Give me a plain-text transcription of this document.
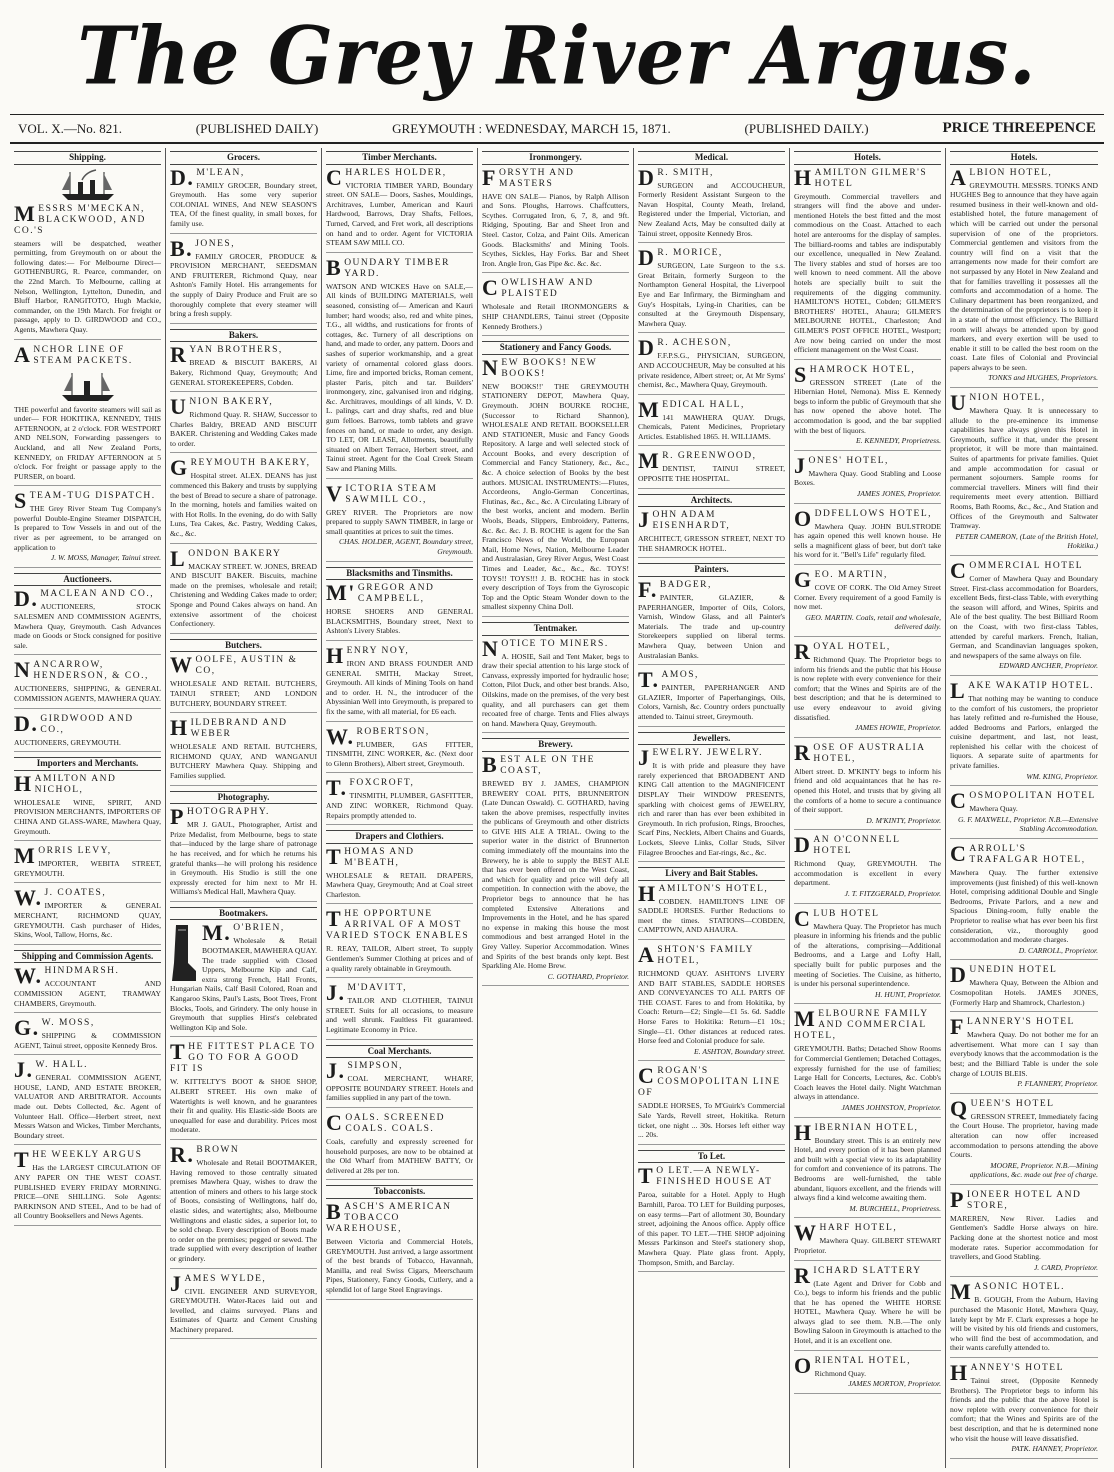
The Grey River Argus.
VOL. X.—No. 821.	(PUBLISHED DAILY)	GREYMOUTH : WEDNESDAY, MARCH 15, 1871.	(PUBLISHED DAILY.)	PRICE THREEPENCE
Shipping.
MESSRS M'MECKAN, BLACKWOOD, AND CO.'S
steamers will be despatched, weather permitting, from Greymouth on or about the following dates:— For Melbourne Direct— GOTHENBURG, R. Pearce, commander, on the 22nd March. To Melbourne, calling at Nelson, Wellington, Lyttelton, Dunedin, and Bluff Harbor, RANGITOTO, Hugh Mackie, commander, on the 19th March. For freight or passage, apply to D. GIRDWOOD and CO., Agents, Mawhera Quay.
ANCHOR LINE OF STEAM PACKETS.
THE powerful and favorite steamers will sail as under— FOR HOKITIKA, KENNEDY, THIS AFTERNOON, at 2 o'clock. FOR WESTPORT AND NELSON, Forwarding passengers to Auckland, and all New Zealand Ports, KENNEDY, on FRIDAY AFTERNOON at 5 o'clock. For freight or passage apply to the PURSER, on board.
STEAM-TUG DISPATCH.
THE Grey River Steam Tug Company's powerful Double-Engine Steamer DISPATCH, Is prepared to Tow Vessels in and out of the river as per agreement, to be arranged on application to
J. W. MOSS, Manager, Tainui street.
Auctioneers.
D.MACLEAN AND CO.,
AUCTIONEERS, STOCK SALESMEN AND COMMISSION AGENTS, Mawhera Quay, Greymouth. Cash Advances made on Goods or Stock consigned for positive sale.
NANCARROW, HENDERSON, & CO.,
AUCTIONEERS, SHIPPING, & GENERAL COMMISSION AGENTS, MAWHERA QUAY.
D.GIRDWOOD AND CO.,
AUCTIONEERS, GREYMOUTH.
Importers and Merchants.
HAMILTON AND NICHOL,
WHOLESALE WINE, SPIRIT, AND PROVISION MERCHANTS, IMPORTERS OF CHINA AND GLASS-WARE, Mawhera Quay, Greymouth.
MORRIS LEVY,
IMPORTER, WEBITA STREET, GREYMOUTH.
W.J. COATES,
IMPORTER & GENERAL MERCHANT, RICHMOND QUAY, GREYMOUTH. Cash purchaser of Hides, Skins, Wool, Tallow, Horns, &c.
Shipping and Commission Agents.
W.HINDMARSH.
ACCOUNTANT AND COMMISSION AGENT, TRAMWAY CHAMBERS, Greymouth.
G.W. MOSS,
SHIPPING & COMMISSION AGENT, Tainui street, opposite Kennedy Bros.
J.W. HALL.
GENERAL COMMISSION AGENT, HOUSE, LAND, AND ESTATE BROKER, VALUATOR AND ARBITRATOR. Accounts made out. Debts Collected, &c. Agent of Volunteer Hall. Office—Herbert street, next Messrs Watson and Wickes, Timber Merchants, Boundary street.
THE WEEKLY ARGUS
Has the LARGEST CIRCULATION OF ANY PAPER ON THE WEST COAST. PUBLISHED EVERY FRIDAY MORNING. PRICE—ONE SHILLING. Sole Agents: PARKINSON AND STEEL, And to be had of all Country Booksellers and News Agents.
Grocers.
D.M'LEAN,
FAMILY GROCER, Boundary street, Greymouth. Has some very superior COLONIAL WINES, And NEW SEASON'S TEA, Of the finest quality, in small boxes, for family use.
B.JONES,
FAMILY GROCER, PRODUCE & PROVISION MERCHANT, SEEDSMAN AND FRUITERER, Richmond Quay, near Ashton's Family Hotel. His arrangements for the supply of Dairy Produce and Fruit are so thoroughly complete that every steamer will bring a fresh supply.
Bakers.
RYAN BROTHERS,
BREAD & BISCUIT BAKERS, Al Bakery, Richmond Quay, Greymouth; And GENERAL STOREKEEPERS, Cobden.
UNION BAKERY,
Richmond Quay. R. SHAW, Successor to Charles Baldry, BREAD AND BISCUIT BAKER. Christening and Wedding Cakes made to order.
GREYMOUTH BAKERY,
Hospital street. ALEX. DEANS has just commenced this Bakery and trusts by supplying the best of Bread to secure a share of patronage. In the morning, hotels and families waited on with Hot Rolls. In the evening, do do with Sally Luns, Tea Cakes, &c. Pastry, Wedding Cakes, &c., &c.
LONDON BAKERY
MACKAY STREET. W. JONES, BREAD AND BISCUIT BAKER. Biscuits, machine made on the premises, wholesale and retail; Christening and Wedding Cakes made to order; Sponge and Pound Cakes always on hand. An extensive assortment of the choicest Confectionery.
Butchers.
WOOLFE, AUSTIN & CO,
WHOLESALE AND RETAIL BUTCHERS, TAINUI STREET; AND LONDON BUTCHERY, BOUNDARY STREET.
HILDEBRAND AND WEBER
WHOLESALE AND RETAIL BUTCHERS, RICHMOND QUAY, AND WANGANUI BUTCHERY Mawhera Quay. Shipping and Families supplied.
Photography.
PHOTOGRAPHY.
MR J. GAUL, Photographer, Artist and Prize Medalist, from Melbourne, begs to state that—induced by the large share of patronage he has received, and for which he returns his grateful thanks—he will prolong his residence in Greymouth. His Studio is still the one expressly erected for him next to Mr H. Williams's Medical Hall, Mawhera Quay.
Bootmakers.
M.O'BRIEN,
Wholesale & Retail BOOTMAKER, MAWHERA QUAY. The trade supplied with Closed Uppers, Melbourne Kip and Calf, extra strong French, Hall Fronts, Hungarian Nails, Calf Basil Colored, Roan and Kangaroo Skins, Paul's Lasts, Boot Trees, Front Blocks, Tools, and Grindery. The only house in Greymouth that supplies Hirst's celebrated Wellington Kip and Sole.
THE FITTEST PLACE TO GO TO FOR A GOOD FIT IS
W. KITTELTY'S BOOT & SHOE SHOP, ALBERT STREET. His own make of Watertights is well known, and he guarantees their fit and quality. His Elastic-side Boots are unequalled for ease and durability. Prices most moderate.
R.BROWN
Wholesale and Retail BOOTMAKER, Having removed to those centrally situated premises Mawhera Quay, wishes to draw the attention of miners and others to his large stock of Boots, consisting of Wellingtons, half do, elastic sides, and watertights; also, Melbourne Wellingtons and elastic sides, a superior lot, to be sold cheap. Every description of Boots made to order on the premises; pegged or sewed. The trade supplied with every description of leather or grindery.
JAMES WYLDE,
CIVIL ENGINEER AND SURVEYOR, GREYMOUTH. Water-Races laid out and levelled, and claims surveyed. Plans and Estimates of Quartz and Cement Crushing Machinery prepared.
Timber Merchants.
CHARLES HOLDER,
VICTORIA TIMBER YARD, Boundary street. ON SALE— Doors, Sashes, Mouldings, Architraves, Lumber, American and Kauri Hardwood, Barrows, Dray Shafts, Felloes, Turned, Carved, and Fret work, all descriptions on hand and to order. Agent for VICTORIA STEAM SAW MILL CO.
BOUNDARY TIMBER YARD.
WATSON AND WICKES Have on SALE,— All kinds of BUILDING MATERIALS, well seasoned, consisting of— American and Kauri lumber; hard woods; also, red and white pines, T.G., all widths, and rustications for fronts of cottages, &c. Turnery of all descriptions on hand, and made to order, any pattern. Doors and sashes of superior workmanship, and a great variety of ornamental colored glass doors. Lime, fire and imported bricks, Roman cement, plaster Paris, pitch and tar. Builders' ironmongery, zinc, galvanised iron and ridging, &c. Architraves, mouldings of all kinds, V. D. L. palings, cart and dray shafts, red and blue gum felloes. Barrows, tomb tablets and grave fences on hand, or made to order, any design. TO LET, OR LEASE, Allotments, beautifully situated on Albert Terrace, Herbert street, and Tainui street. Agent for the Coal Creek Steam Saw and Planing Mills.
VICTORIA STEAM SAWMILL CO.,
GREY RIVER. The Proprietors are now prepared to supply SAWN TIMBER, in large or small quantities at prices to suit the times.
CHAS. HOLDER, AGENT, Boundary street, Greymouth.
Blacksmiths and Tinsmiths.
M'GREGOR AND CAMPBELL,
HORSE SHOERS AND GENERAL BLACKSMITHS, Boundary street, Next to Ashton's Livery Stables.
HENRY NOY,
IRON AND BRASS FOUNDER AND GENERAL SMITH, Mackay Street, Greymouth. All kinds of Mining Tools on hand and to order. H. N., the introducer of the Abyssinian Well into Greymouth, is prepared to fix the same, with all material, for £6 each.
W.ROBERTSON,
PLUMBER, GAS FITTER, TINSMITH, ZINC WORKER, &c. (Next door to Glenn Brothers), Albert street, Greymouth.
T.FOXCROFT,
TINSMITH, PLUMBER, GASFITTER, AND ZINC WORKER, Richmond Quay. Repairs promptly attended to.
Drapers and Clothiers.
THOMAS AND M'BEATH,
WHOLESALE & RETAIL DRAPERS, Mawhera Quay, Greymouth; And at Coal street Charleston.
THE OPPORTUNE ARRIVAL OF A MOST VARIED STOCK ENABLES
R. REAY, TAILOR, Albert street, To supply Gentlemen's Summer Clothing at prices and of a quality rarely obtainable in Greymouth.
J.M'DAVITT,
TAILOR AND CLOTHIER, TAINUI STREET. Suits for all occasions, to measure and well shrunk. Faultless Fit guaranteed. Legitimate Economy in Price.
Coal Merchants.
J.SIMPSON,
COAL MERCHANT, WHARF, OPPOSITE BOUNDARY STREET. Hotels and families supplied in any part of the town.
COALS. SCREENED COALS. COALS.
Coals, carefully and expressly screened for household purposes, are now to be obtained at the Old Wharf from MATHEW BATTY, Or delivered at 28s per ton.
Tobacconists.
BASCH'S AMERICAN TOBACCO WAREHOUSE,
Between Victoria and Commercial Hotels, GREYMOUTH. Just arrived, a large assortment of the best brands of Tobacco, Havannah, Manilla, and real Swiss Cigars, Meerschaum Pipes, Stationery, Fancy Goods, Cutlery, and a splendid lot of large Steel Engravings.
Ironmongery.
FORSYTH AND MASTERS
HAVE ON SALE— Pianos, by Ralph Allison and Sons. Ploughs, Harrows. Chaffcutters, Scythes. Corrugated Iron, 6, 7, 8, and 9ft. Ridging, Spouting. Bar and Sheet Iron and Steel. Castor, Colza, and Paint Oils. American Goods. Blacksmiths' and Mining Tools. Scythes, Sickles, Hay Forks. Bar and Sheet Iron. Angle Iron, Gas Pipe &c. &c. &c.
COWLISHAW AND PLAISTED
Wholesale and Retail IRONMONGERS & SHIP CHANDLERS, Tainui street (Opposite Kennedy Brothers.)
Stationery and Fancy Goods.
NEW BOOKS! NEW BOOKS!
NEW BOOKS!!' THE GREYMOUTH STATIONERY DEPOT, Mawhera Quay, Greymouth. JOHN BOURKE ROCHE, (Successor to Richard Shannon), WHOLESALE AND RETAIL BOOKSELLER AND STATIONER, Music and Fancy Goods Repository. A large and well selected stock of Account Books, and every description of Commercial and Fancy Stationery, &c., &c., &c. A choice selection of Books by the best authors. MUSICAL INSTRUMENTS:—Flutes, Accordeons, Anglo-German Concertinas, Flutinas, &c., &c., &c. A Circulating Library of the best works, ancient and modern. Berlin Wools, Beads, Slippers, Embroidery, Patterns, &c. &c. &c. J. B. ROCHE is agent for the San Francisco News of the World, the European Mail, Home News, Nation, Melbourne Leader and Australasian, Grey River Argus, West Coast Times and Leader, &c., &c., &c. TOYS! TOYS!! TOYS!!! J. B. ROCHE has in stock every description of Toys from the Gyroscopic Top and the Optic Steam Wonder down to the smallest sixpenny China Doll.
Tentmaker.
NOTICE TO MINERS.
A. HOSIE, Sail and Tent Maker, begs to draw their special attention to his large stock of Canvass, expressly imported for hydraulic hose; Cotton, Pilot Duck, and other best brands. Also, Oilskins, made on the premises, of the very best quality, and all purchasers can get them recoated free of charge. Tents and Flies always on hand. Mawhera Quay, Greymouth.
Brewery.
BEST ALE ON THE COAST,
BREWED BY J. JAMES, CHAMPION BREWERY COAL PITS, BRUNNERTON (Late Duncan Oswald). C. GOTHARD, having taken the above premises, respectfully invites the publicans of Greymouth and other districts to GIVE HIS ALE A TRIAL. Owing to the superior water in the district of Brunnerton coming immediately off the mountains into the Brewery, he is able to supply the BEST ALE that has ever been offered on the West Coast, and which for quality and price will defy all competition. In connection with the above, the Proprietor begs to announce that he has completed Extensive Alterations and Improvements in the Hotel, and he has spared no expense in making this house the most commodious and best arranged Hotel in the Grey Valley. Superior Accommodation. Wines and Spirits of the best brands only kept. Best Sparkling Ale. Home Brew.
C. GOTHARD, Proprietor.
Medical.
DR. SMITH,
SURGEON and ACCOUCHEUR, Formerly Resident Assistant Surgeon to the Navan Hospital, County Meath, Ireland, Registered under the Imperial, Victorian, and New Zealand Acts, May be consulted daily at Tainui street, opposite Kennedy Bros.
DR. MORICE,
SURGEON, Late Surgeon to the s.s. Great Britain, formerly Surgeon to the Northampton General Hospital, the Liverpool Eye and Ear Infirmary, the Birmingham and Guy's Hospitals, Lying-in Charities, can be consulted at the Greymouth Dispensary, Mawhera Quay.
DR. ACHESON,
F.F.P.S.G., PHYSICIAN, SURGEON, AND ACCOUCHEUR, May be consulted at his private residence, Albert street; or, At Mr Syms' chemist, &c., Mawhera Quay, Greymouth.
MEDICAL HALL,
141 MAWHERA QUAY. Drugs, Chemicals, Patent Medicines, Proprietary Articles. Established 1865. H. WILLIAMS.
MR. GREENWOOD,
DENTIST, TAINUI STREET, OPPOSITE THE HOSPITAL.
Architects.
JOHN ADAM EISENHARDT,
ARCHITECT, GRESSON STREET, NEXT TO THE SHAMROCK HOTEL.
Painters.
F.BADGER,
PAINTER, GLAZIER, & PAPERHANGER, Importer of Oils, Colors, Varnish, Window Glass, and all Painter's Materials. The trade and up-country Storekeepers supplied on liberal terms. Mawhera Quay, between Union and Australasian Banks.
T.AMOS,
PAINTER, PAPERHANGER AND GLAZIER, Importer of Paperhangings, Oils, Colors, Varnish, &c. Country orders punctually attended to. Tainui street, Greymouth.
Jewellers.
JEWELRY. JEWELRY.
It is with pride and pleasure they have rarely experienced that BROADBENT AND KING Call attention to the MAGNIFICENT DISPLAY Their WINDOW PRESENTS, sparkling with choicest gems of JEWELRY, rich and rarer than has ever been exhibited in Greymouth. In rich profusion, Rings, Brooches, Scarf Pins, Necklets, Albert Chains and Guards, Lockets, Sleeve Links, Collar Studs, Silver Filagree Brooches and Ear-rings, &c., &c.
Livery and Bait Stables.
HAMILTON'S HOTEL,
COBDEN. HAMILTON'S LINE OF SADDLE HORSES. Further Reductions to meet the times. STATIONS—COBDEN, CAMPTOWN, AND AHAURA.
ASHTON'S FAMILY HOTEL,
RICHMOND QUAY. ASHTON'S LIVERY AND BAIT STABLES, SADDLE HORSES AND CONVEYANCES TO ALL PARTS OF THE COAST. Fares to and from Hokitika, by Coach: Return—£2; Single—£1 5s. 6d. Saddle Horse Fares to Hokitika: Return—£1 10s.; Single—£1. Other distances at reduced rates. Horse feed and Colonial produce for sale.
E. ASHTON, Boundary street.
CROGAN'S COSMOPOLITAN LINE OF
SADDLE HORSES, To M'Guirk's Commercial Sale Yards, Revell street, Hokitika. Return ticket, one night ... 30s. Horses left either way ... 20s.
To Let.
TO LET.—A NEWLY-FINISHED HOUSE AT
Paroa, suitable for a Hotel. Apply to Hugh Barnhill, Paroa. TO LET for Building purposes, on easy terms—Part of allotment 30, Boundary street, adjoining the Anoos office. Apply office of this paper. TO LET.—THE SHOP adjoining Messrs Parkinson and Steel's stationery shop, Mawhera Quay. Plate glass front. Apply, Thompson, Smith, and Barclay.
Hotels.
HAMILTON GILMER'S HOTEL
Greymouth. Commercial travellers and strangers will find the above and under-mentioned Hotels the best fitted and the most commodious on the Coast. Attached to each hotel are anterooms for the display of samples. The billiard-rooms and tables are indisputably our excellence, unequalled in New Zealand. The livery stables and stud of horses are too well known to need comment. All the above hotels are specially built to suit the requirements of the digging community. HAMILTON'S HOTEL, Cobden; GILMER'S BROTHERS' HOTEL, Ahaura; GILMER'S MELBOURNE HOTEL, Charleston; And GILMER'S POST OFFICE HOTEL, Westport; Are now being carried on under the most efficient management on the West Coast.
SHAMROCK HOTEL,
GRESSON STREET (Late of the Hibernian Hotel, Nemona). Miss E. Kennedy begs to inform the public of Greymouth that she has now opened the above hotel. The accommodation is good, and the bar supplied with the best of liquors.
E. KENNEDY, Proprietress.
JONES' HOTEL,
Mawhera Quay. Good Stabling and Loose Boxes.
JAMES JONES, Proprietor.
ODDFELLOWS HOTEL,
Mawhera Quay. JOHN BULSTRODE has again opened this well known house. He sells a magnificent glass of beer, but don't take his word for it. "Bell's Life" regularly filed.
GEO. MARTIN,
COVE OF CORK. The Old Arney Street Corner. Every requirement of a good Family is now met.
GEO. MARTIN. Coals, retail and wholesale, delivered daily.
ROYAL HOTEL,
Richmond Quay. The Proprietor begs to inform his friends and the public that his House is now replete with every convenience for their comfort; that the Wines and Spirits are of the best description; and that he is determined to use every endeavour to avoid giving dissatisfied.
JAMES HOWIE, Proprietor.
ROSE OF AUSTRALIA HOTEL,
Albert street. D. M'KINTY begs to inform his friend and old acquaintances that he has re-opened this Hotel, and trusts that by giving all the comforts of a home to secure a continuance of their support.
D. M'KINTY, Proprietor.
DAN O'CONNELL HOTEL
Richmond Quay, GREYMOUTH. The accommodation is excellent in every department.
J. T. FITZGERALD, Proprietor.
CLUB HOTEL
Mawhera Quay. The Proprietor has much pleasure in informing his friends and the public of the alterations, comprising—Additional Bedrooms, and a Large and Lofty Hall, specially built for public purposes and the meeting of Societies. The Cuisine, as hitherto, is under his personal superintendence.
H. HUNT, Proprietor.
MELBOURNE FAMILY AND COMMERCIAL HOTEL,
GREYMOUTH. Baths; Detached Show Rooms for Commercial Gentlemen; Detached Cottages, expressly furnished for the use of families; Large Hall for Concerts, Lectures, &c. Cobb's Coach leaves the Hotel daily. Night Watchman always in attendance.
JAMES JOHNSTON, Proprietor.
HIBERNIAN HOTEL,
Boundary street. This is an entirely new Hotel, and every portion of it has been planned and built with a special view to its adaptability for comfort and convenience of its patrons. The Bedrooms are well-furnished, the table abundant, liquors excellent, and the friends will always find a kind welcome awaiting them.
M. BURCHELL, Proprietress.
WHARF HOTEL,
Mawhera Quay. GILBERT STEWART Proprietor.
RICHARD SLATTERY
(Late Agent and Driver for Cobb and Co.), begs to inform his friends and the public that he has opened the WHITE HORSE HOTEL, Mawhera Quay. Where he will be always glad to see them. N.B.—The only Bowling Saloon in Greymouth is attached to the Hotel, and it is an excellent one.
ORIENTAL HOTEL,
Richmond Quay.
JAMES MORTON, Proprietor.
Hotels.
ALBION HOTEL,
GREYMOUTH. MESSRS. TONKS AND HUGHES Beg to announce that they have again resumed business in their well-known and old-established hotel, the future management of which will be carried out under the personal supervision of one of the proprietors. Commercial gentlemen and visitors from the country will find on a visit that the arrangements now made for their comfort are not surpassed by any Hotel in New Zealand and that for families travelling it possesses all the comforts and accommodation of a home. The Culinary department has been reorganized, and the determination of the proprietors is to keep it in a state of the utmost efficiency. The Billiard room will always be attended upon by good markers, and every exertion will be used to enable it still to be called the best room on the coast. Late files of Colonial and Provincial papers always to be seen.
TONKS and HUGHES, Proprietors.
UNION HOTEL,
Mawhera Quay. It is unnecessary to allude to the pre-eminence its immense capabilities have always given this Hotel in Greymouth, suffice it that, under the present proprietor, it will be more than maintained. Suites of apartments for private families. Quiet and ample accommodation for casual or permanent sojourners. Sample rooms for commercial travellers. Miners will find their requirements meet every attention. Billiard Rooms, Bath Rooms, &c., &c., And Station and Offices of the Greymouth and Saltwater Tramway.
PETER CAMERON, (Late of the British Hotel, Hokitika.)
COMMERCIAL HOTEL
Corner of Mawhera Quay and Boundary Street. First-class accommodation for Boarders, excellent Beds, first-class Table, with everything the season will afford, and Wines, Spirits and Ale of the best quality. The best Billiard Room on the Coast, with two first-class Tables, attended by careful markers. French, Italian, German, and Scandinavian languages spoken, and newspapers of the same always on file.
EDWARD ANCHER, Proprietor.
LAKE WAKATIP HOTEL.
That nothing may be wanting to conduce to the comfort of his customers, the proprietor has lately refitted and re-furnished the House, added Bedrooms and Parlors, enlarged the cuisine department, and last, not least, replenished his cellar with the choicest of liquors. A separate suite of apartments for private families.
WM. KING, Proprietor.
COSMOPOLITAN HOTEL
Mawhera Quay.
G. F. MAXWELL, Proprietor. N.B.—Extensive Stabling Accommodation.
CARROLL'S TRAFALGAR HOTEL,
Mawhera Quay. The further extensive improvements (just finished) of this well-known Hotel, comprising additional Double and Single Bedrooms, Private Parlors, and a new and Spacious Dining-room, fully enable the Proprietor to realise what has ever been his first consideration, viz., thoroughly good accommodation and moderate charges.
D. CARROLL, Proprietor.
DUNEDIN HOTEL
Mawhera Quay, Between the Albion and Cosmopolitan Hotels. JAMES JONES, (Formerly Harp and Shamrock, Charleston.)
FLANNERY'S HOTEL
Mawhera Quay. Do not bother me for an advertisement. What more can I say than everybody knows that the accommodation is the best; and the Billiard Table is under the sole charge of LOUIS BLEIS.
P. FLANNERY, Proprietor.
QUEEN'S HOTEL
GRESSON STREET, Immediately facing the Court House. The proprietor, having made alteration can now offer increased accommodation to persons attending the above Courts.
MOORE, Proprietor. N.B.—Mining applications, &c. made out free of charge.
PIONEER HOTEL AND STORE,
MAREREN, New River. Ladies and Gentlemen's Saddle Horse always on hire. Packing done at the shortest notice and most moderate rates. Superior accommodation for travellers, and Good Stabling.
J. CARD, Proprietor.
MASONIC HOTEL.
B. GOUGH, From the Auburn, Having purchased the Masonic Hotel, Mawhera Quay, lately kept by Mr F. Clark expresses a hope he will be visited by his old friends and customers, who will find the best of accommodation, and their wants carefully attended to.
HANNEY'S HOTEL
Tainui street, (Opposite Kennedy Brothers). The Proprietor begs to inform his friends and the public that the above Hotel is now replete with every convenience for their comfort; that the Wines and Spirits are of the best description, and that he is determined none who visit the house will leave dissatisfied.
PATK. HANNEY, Proprietor.
